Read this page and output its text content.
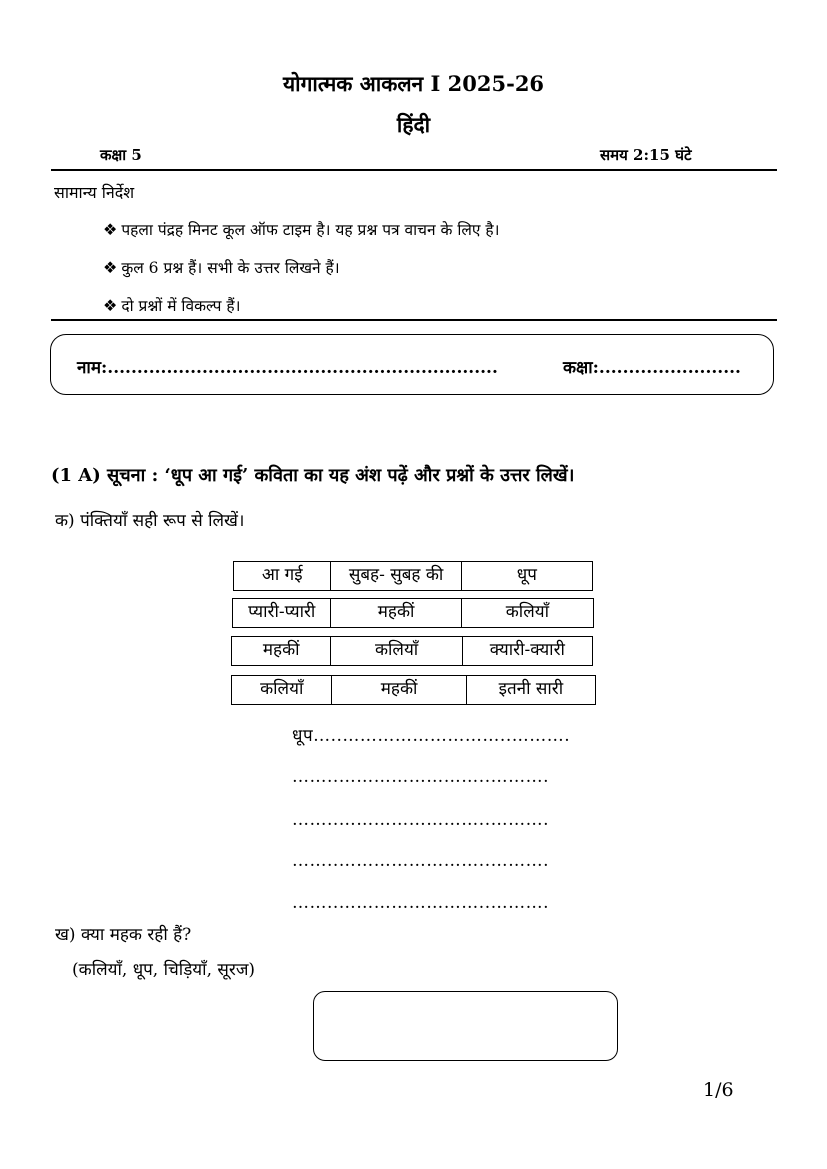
योगात्मक आकलन I 2025-26
हिंदी
कक्षा 5	समय 2:15 घंटे
सामान्य निर्देश
❖ पहला पंद्रह मिनट कूल ऑफ टाइम है। यह प्रश्न पत्र वाचन के लिए है।
❖ कुल 6 प्रश्न हैं। सभी के उत्तर लिखने हैं।
❖ दो प्रश्नों में विकल्प हैं।
नाम:..................................................................	कक्षा:........................
(1 A) सूचना : ‘धूप आ गई’ कविता का यह अंश पढ़ें और प्रश्नों के उत्तर लिखें।
क) पंक्तियाँ सही रूप से लिखें।
आ गई	सुबह- सुबह की	धूप
प्यारी-प्यारी	महकीं	कलियाँ
महकीं	कलियाँ	क्यारी-क्यारी
कलियाँ	महकीं	इतनी सारी
धूप…..………………………..……….
……..……………………..……….
……..……………………..……….
……..……………………..……….
……..……………………..……….
ख) क्या महक रही हैं?
(कलियाँ, धूप, चिड़ियाँ, सूरज)
1/6
